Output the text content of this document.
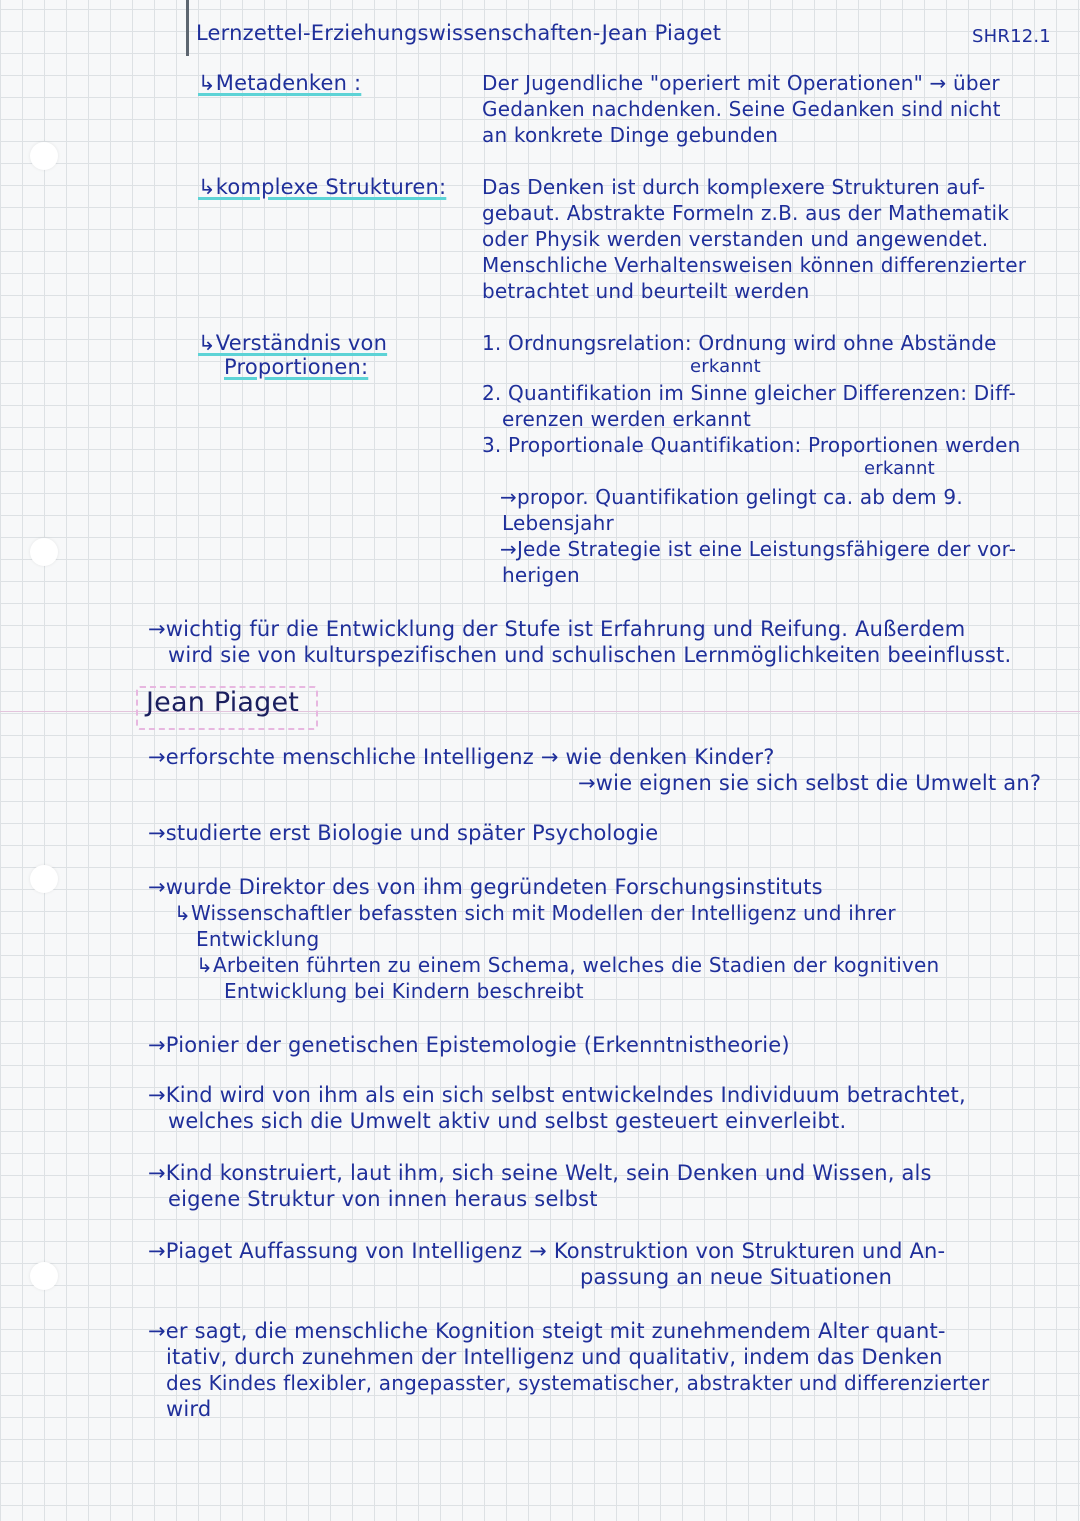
Lernzettel-Erziehungswissenschaften-Jean Piaget	SHR12.1
↳Metadenken :	Der Jugendliche "operiert mit Operationen" → über
Gedanken nachdenken. Seine Gedanken sind nicht
an konkrete Dinge gebunden
↳komplexe Strukturen: Das Denken ist durch komplexere Strukturen auf-
gebaut. Abstrakte Formeln z.B. aus der Mathematik
oder Physik werden verstanden und angewendet.
Menschliche Verhaltensweisen können differenzierter
betrachtet und beurteilt werden
↳Verständnis von
Proportionen:
1. Ordnungsrelation: Ordnung wird ohne Abstände
erkannt
2. Quantifikation im Sinne gleicher Differenzen: Diff-
erenzen werden erkannt
3. Proportionale Quantifikation: Proportionen werden
erkannt
→propor. Quantifikation gelingt ca. ab dem 9.
Lebensjahr
→Jede Strategie ist eine Leistungsfähigere der vor-
herigen
→wichtig für die Entwicklung der Stufe ist Erfahrung und Reifung. Außerdem
wird sie von kulturspezifischen und schulischen Lernmöglichkeiten beeinflusst.
Jean Piaget
→erforschte menschliche Intelligenz → wie denken Kinder?
→wie eignen sie sich selbst die Umwelt an?
→studierte erst Biologie und später Psychologie
→wurde Direktor des von ihm gegründeten Forschungsinstituts
↳Wissenschaftler befassten sich mit Modellen der Intelligenz und ihrer
Entwicklung
↳Arbeiten führten zu einem Schema, welches die Stadien der kognitiven
Entwicklung bei Kindern beschreibt
→Pionier der genetischen Epistemologie (Erkenntnistheorie)
→Kind wird von ihm als ein sich selbst entwickelndes Individuum betrachtet,
welches sich die Umwelt aktiv und selbst gesteuert einverleibt.
→Kind konstruiert, laut ihm, sich seine Welt, sein Denken und Wissen, als
eigene Struktur von innen heraus selbst
→Piaget Auffassung von Intelligenz → Konstruktion von Strukturen und An-
passung an neue Situationen
→er sagt, die menschliche Kognition steigt mit zunehmendem Alter quant-
itativ, durch zunehmen der Intelligenz und qualitativ, indem das Denken
des Kindes flexibler, angepasster, systematischer, abstrakter und differenzierter
wird
